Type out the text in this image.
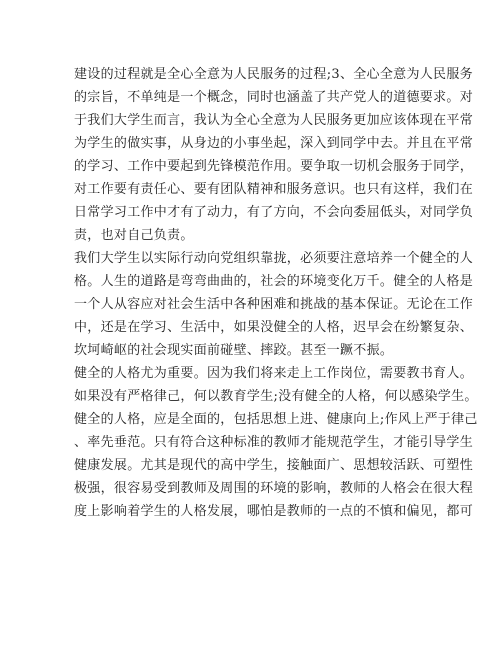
建设的过程就是全心全意为人民服务的过程;3、全心全意为人民服务
的宗旨，不单纯是一个概念，同时也涵盖了共产党人的道德要求。对
于我们大学生而言，我认为全心全意为人民服务更加应该体现在平常
为学生的做实事，从身边的小事坐起，深入到同学中去。并且在平常
的学习、工作中要起到先锋模范作用。要争取一切机会服务于同学，
对工作要有责任心、要有团队精神和服务意识。也只有这样，我们在
日常学习工作中才有了动力，有了方向，不会向委屈低头，对同学负
责，也对自己负责。
我们大学生以实际行动向党组织靠拢，必须要注意培养一个健全的人
格。人生的道路是弯弯曲曲的，社会的环境变化万千。健全的人格是
一个人从容应对社会生活中各种困难和挑战的基本保证。无论在工作
中，还是在学习、生活中，如果没健全的人格，迟早会在纷繁复杂、
坎坷崎岖的社会现实面前碰壁、摔跤。甚至一蹶不振。
健全的人格尤为重要。因为我们将来走上工作岗位，需要教书育人。
如果没有严格律己，何以教育学生;没有健全的人格，何以感染学生。
健全的人格，应是全面的，包括思想上进、健康向上;作风上严于律己
、率先垂范。只有符合这种标准的教师才能规范学生，才能引导学生
健康发展。尤其是现代的高中学生，接触面广、思想较活跃、可塑性
极强，很容易受到教师及周围的环境的影响，教师的人格会在很大程
度上影响着学生的人格发展，哪怕是教师的一点的不慎和偏见，都可
